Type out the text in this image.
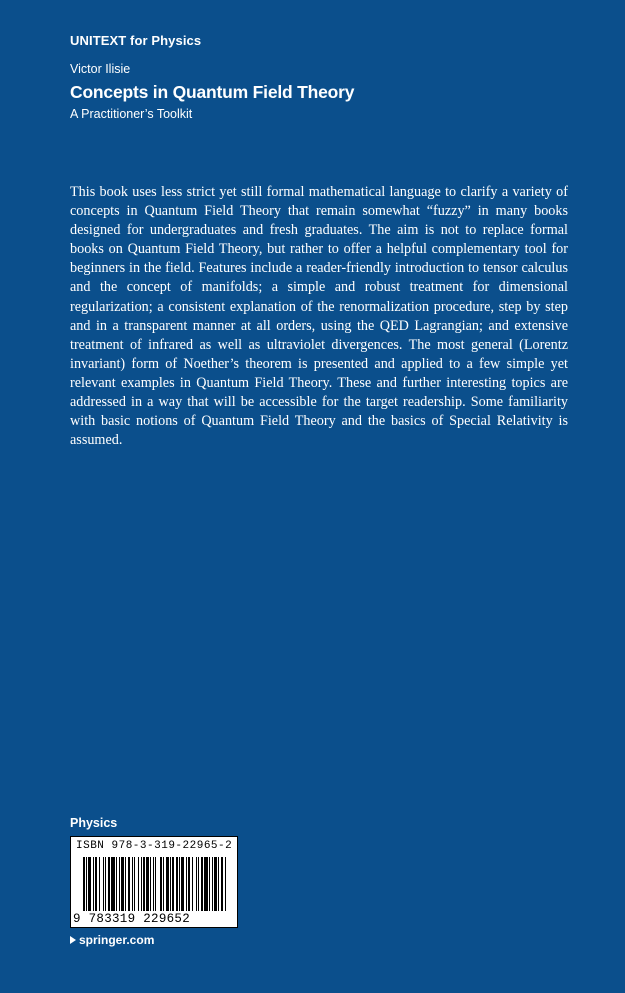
UNITEXT for Physics
Victor Ilisie
Concepts in Quantum Field Theory
A Practitioner’s Toolkit
This book uses less strict yet still formal mathematical language to clarify a variety of concepts in Quantum Field Theory that remain somewhat “fuzzy” in many books designed for undergraduates and fresh graduates. The aim is not to replace formal books on Quantum Field Theory, but rather to offer a helpful complementary tool for beginners in the field. Features include a reader-friendly introduction to tensor calculus and the concept of manifolds; a simple and robust treatment for dimensional regularization; a consistent explanation of the renormalization procedure, step by step and in a transparent manner at all orders, using the QED Lagrangian; and extensive treatment of infrared as well as ultraviolet divergences. The most general (Lorentz invariant) form of Noether’s theorem is presented and applied to a few simple yet relevant examples in Quantum Field Theory. These and further interesting topics are addressed in a way that will be accessible for the target readership. Some familiarity with basic notions of Quantum Field Theory and the basics of Special Relativity is assumed.
Physics
ISBN 978-3-319-22965-2
9 783319 229652
springer.com
